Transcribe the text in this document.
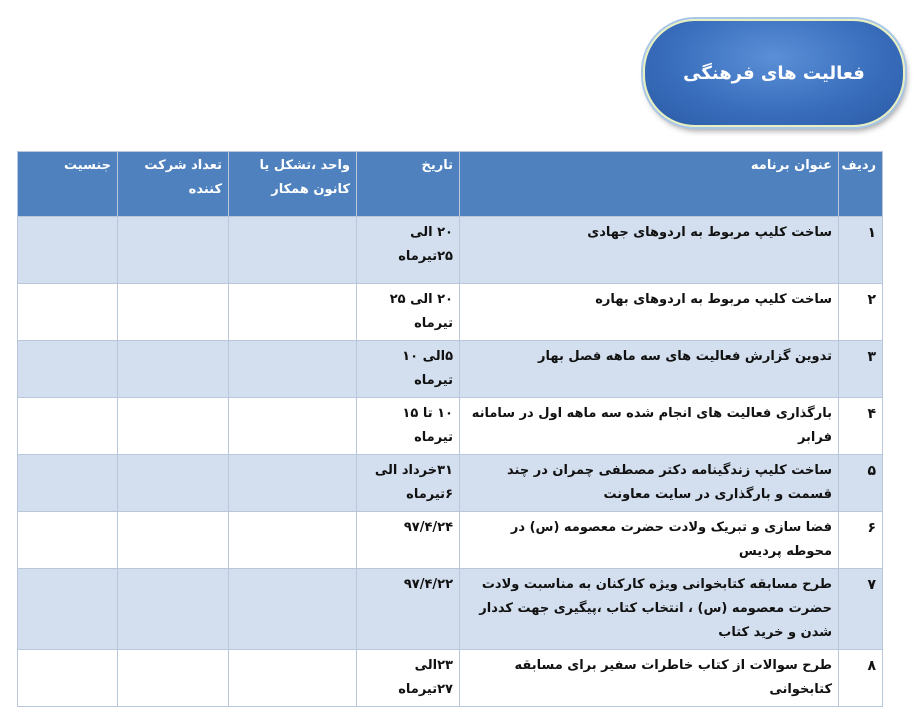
فعالیت های فرهنگی
ردیف	عنوان برنامه	تاریخ	واحد ،تشکل یا کانون همکار	تعداد شرکت کننده	جنسیت
۱	ساخت کلیپ مربوط به اردوهای جهادی	۲۰ الی ۲۵تیرماه			
۲	ساخت کلیپ مربوط به اردوهای بهاره	۲۰ الی ۲۵ تیرماه			
۳	تدوین گزارش فعالیت های سه ماهه فصل بهار	۵الی ۱۰ تیرماه			
۴	بارگذاری فعالیت های انجام شده سه ماهه اول در سامانه فرابر	۱۰ تا ۱۵ تیرماه			
۵	ساخت کلیپ زندگینامه دکتر مصطفی چمران در چند قسمت و بارگذاری در سایت معاونت	۳۱خرداد الی ۶تیرماه			
۶	فضا سازی و تبریک ولادت حضرت معصومه (س) در محوطه پردیس	۹۷/۴/۲۴			
۷	طرح مسابقه کتابخوانی ویژه کارکنان به مناسبت ولادت حضرت معصومه (س) ، انتخاب کتاب ،پیگیری جهت کددار شدن و خرید کتاب	۹۷/۴/۲۲			
۸	طرح سوالات از کتاب خاطرات سفیر برای مسابقه کتابخوانی	۲۳الی ۲۷تیرماه			
